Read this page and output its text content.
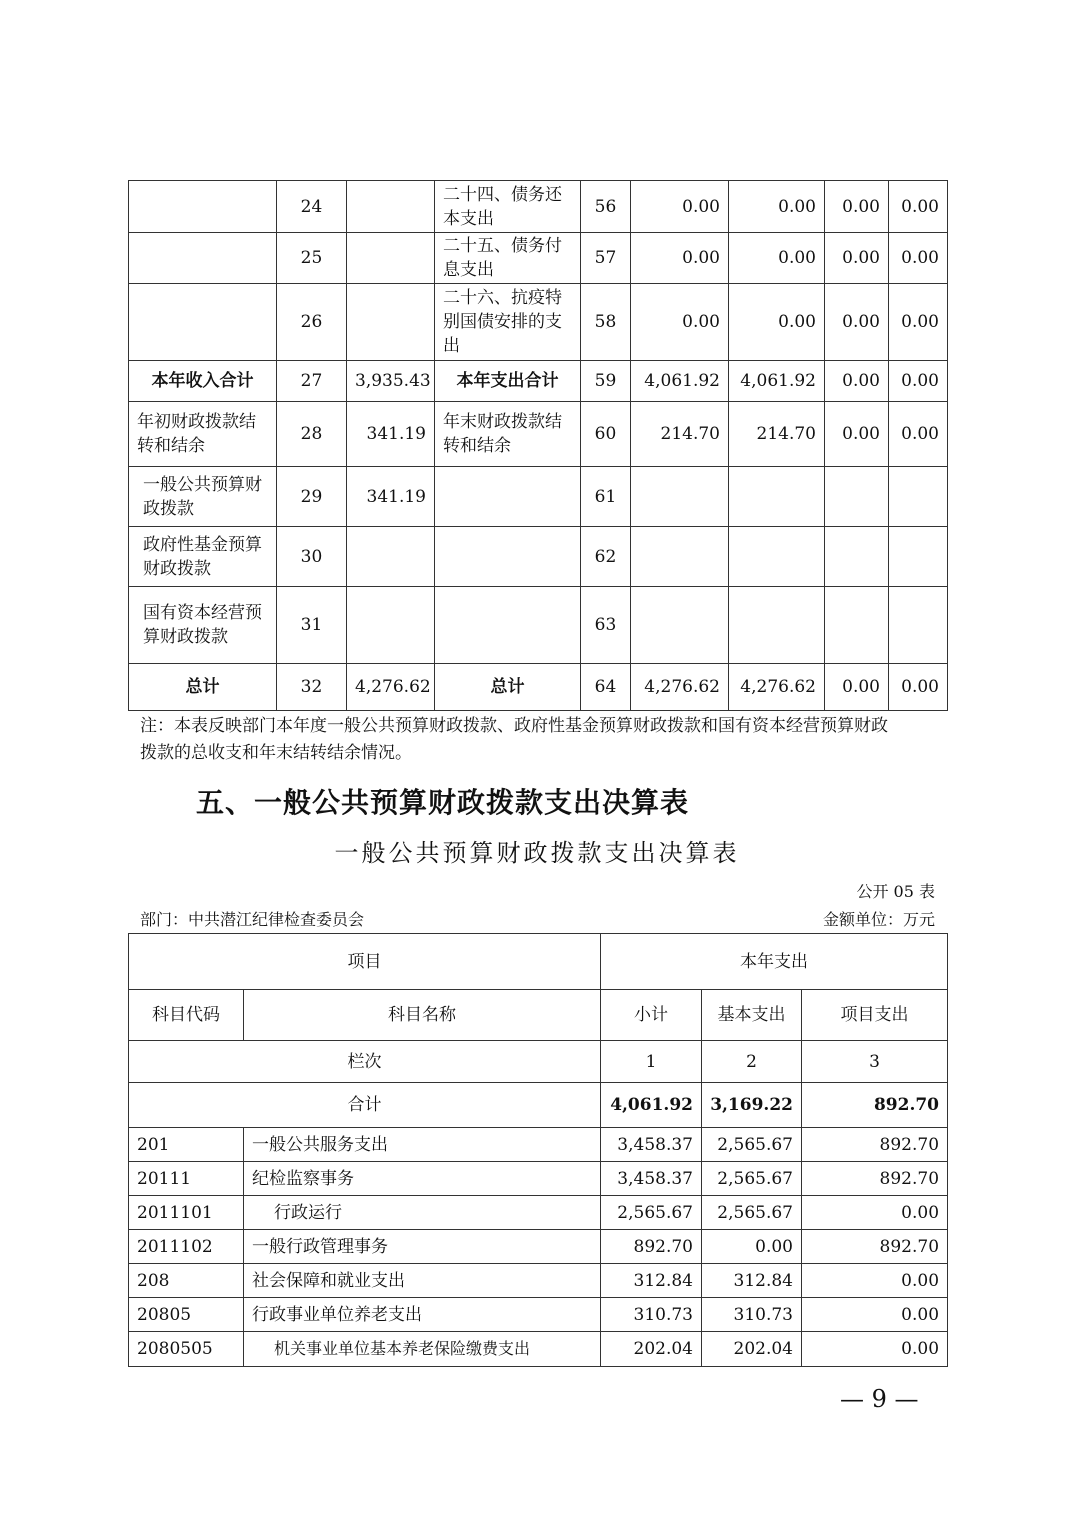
	24		二十四、债务还本支出	56	0.00	0.00	0.00	0.00
	25		二十五、债务付息支出	57	0.00	0.00	0.00	0.00
	26		二十六、抗疫特别国债安排的支出	58	0.00	0.00	0.00	0.00
本年收入合计	27	3,935.43	本年支出合计	59	4,061.92	4,061.92	0.00	0.00
年初财政拨款结转和结余	28	341.19	年末财政拨款结转和结余	60	214.70	214.70	0.00	0.00
一般公共预算财政拨款	29	341.19		61				
政府性基金预算财政拨款	30			62				
国有资本经营预算财政拨款	31			63				
总计	32	4,276.62	总计	64	4,276.62	4,276.62	0.00	0.00
注：本表反映部门本年度一般公共预算财政拨款、政府性基金预算财政拨款和国有资本经营预算财政拨款的总收支和年末结转结余情况。
五、一般公共预算财政拨款支出决算表
一般公共预算财政拨款支出决算表
公开 05 表
部门：中共潜江纪律检查委员会	金额单位：万元
项目		本年支出		
科目代码	科目名称	小计	基本支出	项目支出
栏次		1	2	3
合计		4,061.92	3,169.22	892.70
201	一般公共服务支出	3,458.37	2,565.67	892.70
20111	纪检监察事务	3,458.37	2,565.67	892.70
2011101	行政运行	2,565.67	2,565.67	0.00
2011102	一般行政管理事务	892.70	0.00	892.70
208	社会保障和就业支出	312.84	312.84	0.00
20805	行政事业单位养老支出	310.73	310.73	0.00
2080505	机关事业单位基本养老保险缴费支出	202.04	202.04	0.00
— 9 —
